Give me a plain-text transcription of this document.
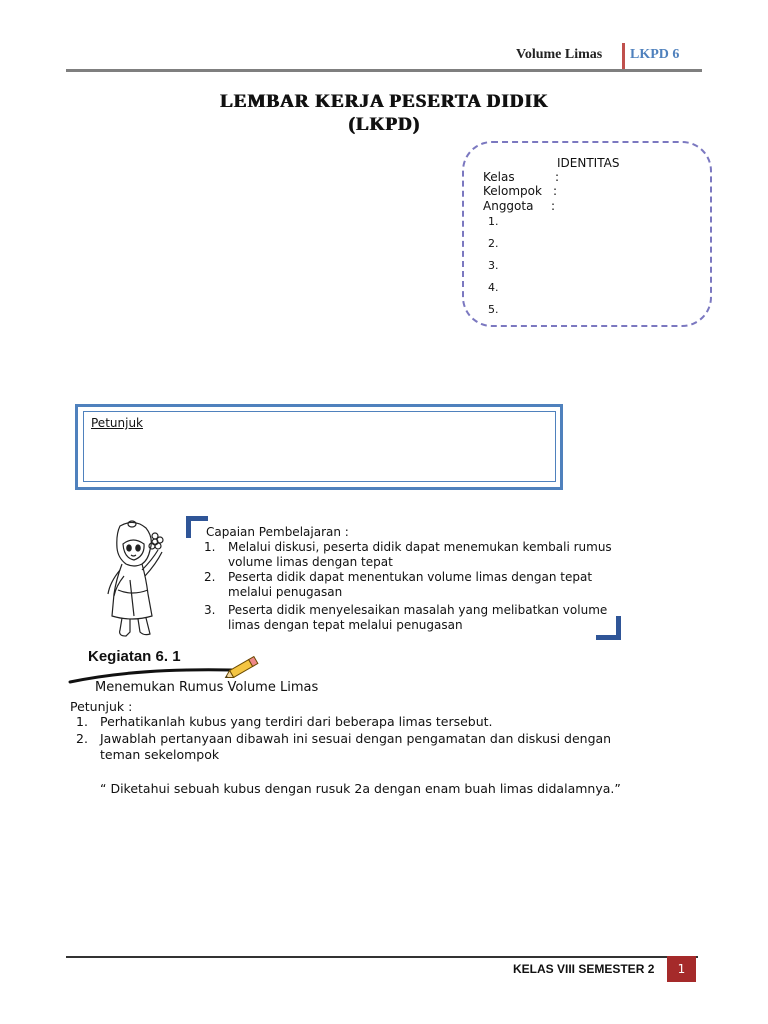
Volume Limas LKPD 6
LEMBAR KERJA PESERTA DIDIK
(LKPD)
IDENTITAS
Kelas	:
Kelompok :
Anggota :
1.
2.
3.
4.
5.
Petunjuk
Capaian Pembelajaran :
1. Melalui diskusi, peserta didik dapat menemukan kembali rumus volume limas dengan tepat
2. Peserta didik dapat menentukan volume limas dengan tepat melalui penugasan
3. Peserta didik menyelesaikan masalah yang melibatkan volume limas dengan tepat melalui penugasan
Kegiatan 6. 1
Menemukan Rumus Volume Limas
Petunjuk :
1. Perhatikanlah kubus yang terdiri dari beberapa limas tersebut.
2. Jawablah pertanyaan dibawah ini sesuai dengan pengamatan dan diskusi dengan teman sekelompok
“ Diketahui sebuah kubus dengan rusuk 2a dengan enam buah limas didalamnya.”
KELAS VIII SEMESTER 2	1
